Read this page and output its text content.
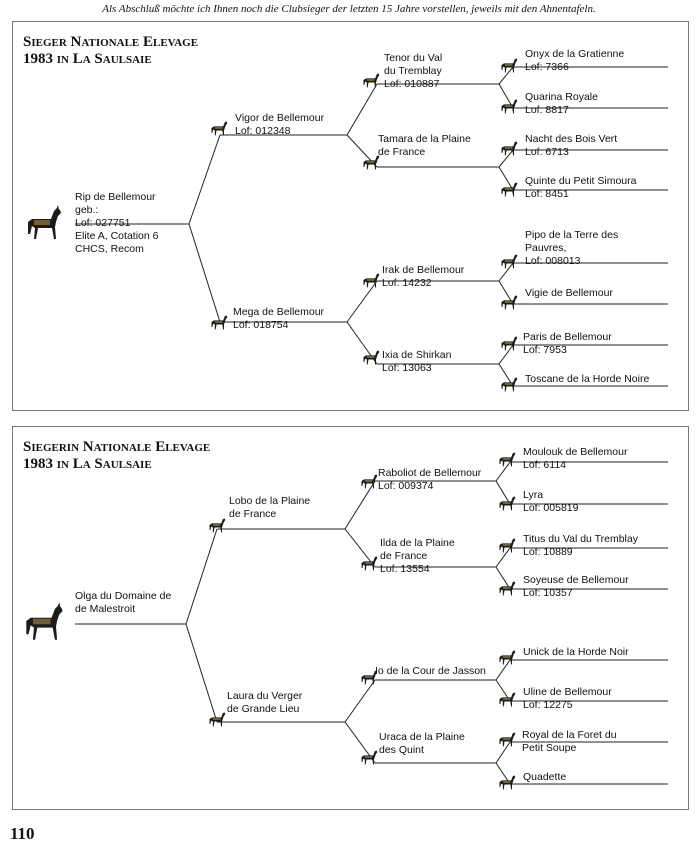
Als Abschluß möchte ich Ihnen noch die Clubsieger der letzten 15 Jahre vorstellen, jeweils mit den Ahnentafeln.
Sieger Nationale Elevage
1983 in La Saulsaie
Rip de Bellemour
geb.:
Lof: 027751
Elite A, Cotation 6
CHCS, Recom
Vigor de Bellemour
Lof: 012348
Mega de Bellemour
Lof: 018754
Tenor du Val
du Tremblay
Lof: 010887
Tamara de la Plaine
de France
Irak de Bellemour
Lof: 14232
Ixia de Shirkan
Lof: 13063
Onyx de la Gratienne
Lof: 7366
Quarina Royale
Lof: 8817
Nacht des Bois Vert
Lof: 6713
Quinte du Petit Simoura
Lof: 8451
Pipo de la Terre des
Pauvres,
Lof: 008013
Vigie de Bellemour
Paris de Bellemour
Lof: 7953
Toscane de la Horde Noire
Siegerin Nationale Elevage
1983 in La Saulsaie
Olga du Domaine de
de Malestroit
Lobo de la Plaine
de France
Laura du Verger
de Grande Lieu
Raboliot de Bellemour
Lof: 009374
Ilda de la Plaine
de France
Lof: 13554
Io de la Cour de Jasson
Uraca de la Plaine
des Quint
Moulouk de Bellemour
Lof: 6114
Lyra
Lof: 005819
Titus du Val du Tremblay
Lof: 10889
Soyeuse de Bellemour
Lof: 10357
Unick de la Horde Noir
Uline de Bellemour
Lof: 12275
Royal de la Foret du
Petit Soupe
Quadette
110
